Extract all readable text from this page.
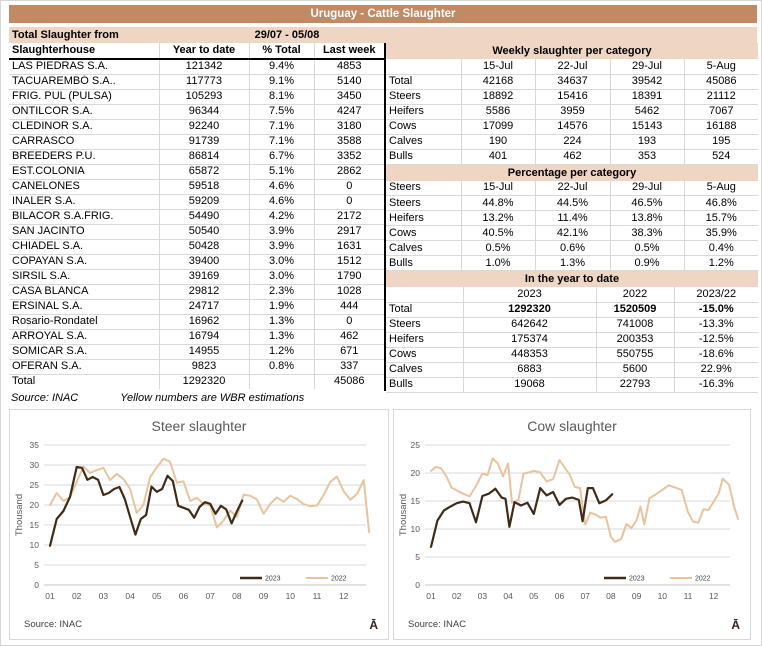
Uruguay - Cattle Slaughter
Total Slaughter from	29/07 - 05/08
Slaughterhouse	Year to date	% Total	Last week
LAS PIEDRAS S.A.	121342	9.4%	4853
TACUAREMBÓ S.A..	117773	9.1%	5140
FRIG. PUL (PULSA)	105293	8.1%	3450
ONTILCOR S.A.	96344	7.5%	4247
CLEDINOR S.A.	92240	7.1%	3180
CARRASCO	91739	7.1%	3588
BREEDERS P.U.	86814	6.7%	3352
EST.COLONIA	65872	5.1%	2862
CANELONES	59518	4.6%	0
INALER S.A.	59209	4.6%	0
BILACOR S.A.FRIG.	54490	4.2%	2172
SAN JACINTO	50540	3.9%	2917
CHIADEL S.A.	50428	3.9%	1631
COPAYAN S.A.	39400	3.0%	1512
SIRSIL S.A.	39169	3.0%	1790
CASA BLANCA	29812	2.3%	1028
ERSINAL S.A.	24717	1.9%	444
Rosario-Rondatel	16962	1.3%	0
ARROYAL S.A.	16794	1.3%	462
SOMICAR S.A.	14955	1.2%	671
OFERAN S.A.	9823	0.8%	337
Total	1292320		45086
Weekly slaughter per category
	15-Jul	22-Jul	29-Jul	5-Aug
Total	42168	34637	39542	45086
Steers	18892	15416	18391	21112
Heifers	5586	3959	5462	7067
Cows	17099	14576	15143	16188
Calves	190	224	193	195
Bulls	401	462	353	524
Percentage per category
Steers	15-Jul	22-Jul	29-Jul	5-Aug
Steers	44.8%	44.5%	46.5%	46.8%
Heifers	13.2%	11.4%	13.8%	15.7%
Cows	40.5%	42.1%	38.3%	35.9%
Calves	0.5%	0.6%	0.5%	0.4%
Bulls	1.0%	1.3%	0.9%	1.2%
In the year to date
	2023	2022	2023/22
Total	1292320	1520509	-15.0%
Steers	642642	741008	-13.3%
Heifers	175374	200353	-12.5%
Cows	448353	550755	-18.6%
Calves	6883	5600	22.9%
Bulls	19068	22793	-16.3%
Source: INAC	Yellow numbers are WBR estimations
0
5
10
15
20
25
30
35
01 02 03 04 05 06 07 08 09 10 11 12
Thousand
2023	2022
Steer slaughter
Source: INAC	Ā
0
5
10
15
20
25
01 02 03 04 05 06 07 08 09 10 11 12
Thousand
2023	2022
Cow slaughter
Source: INAC	Ā
